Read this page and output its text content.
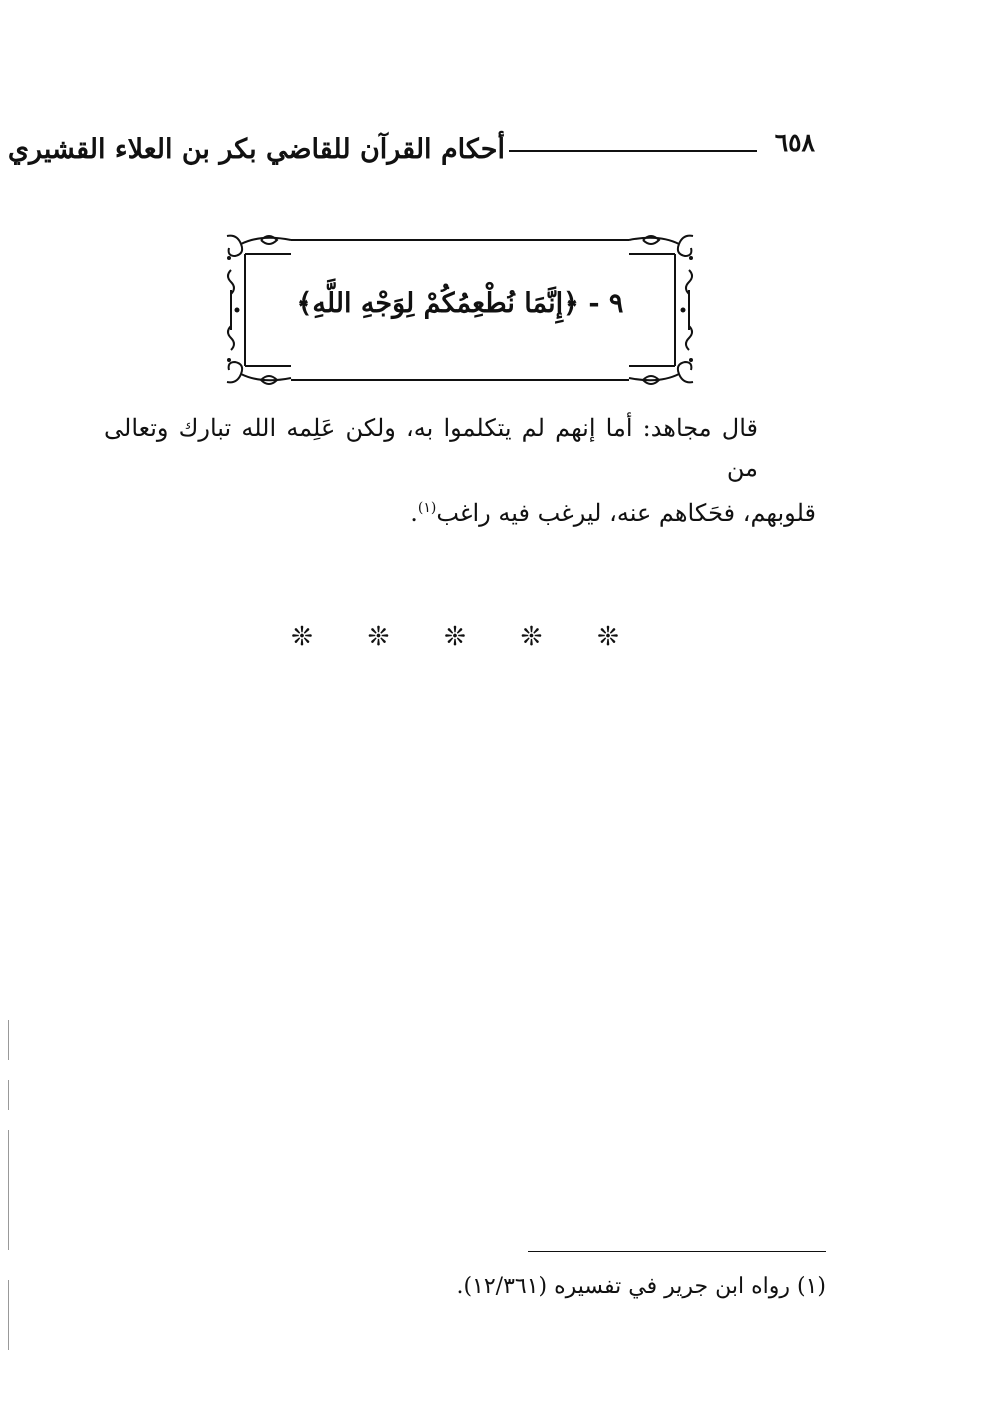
٦٥٨
أحكام القرآن للقاضي بكر بن العلاء القشيري
٩ - ﴿إِنَّمَا نُطْعِمُكُمْ لِوَجْهِ اللَّهِ﴾
قال مجاهد: أما إنهم لم يتكلموا به، ولكن عَلِمه الله تبارك وتعالى من
قلوبهم، فحَكاهم عنه، ليرغب فيه راغب$^{(١)}$.
❊
❊
❊
❊
❊
(١) رواه ابن جرير في تفسيره (١٢/٣٦١).
